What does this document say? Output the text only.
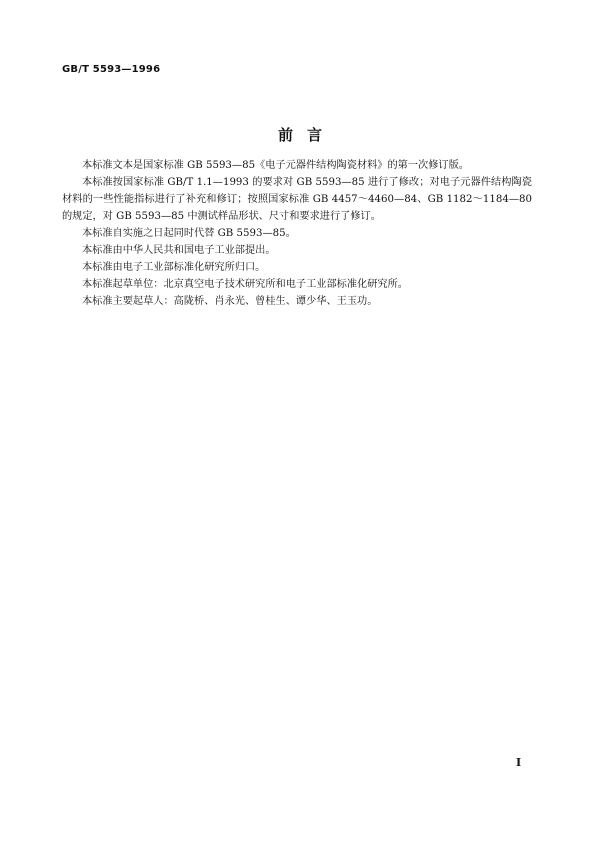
GB/T 5593—1996
前言

本标准文本是国家标准 GB 5593—85《电子元器件结构陶瓷材料》的第一次修订版。

本标准按国家标准 GB/T 1.1—1993 的要求对 GB 5593—85 进行了修改；对电子元器件结构陶瓷材料的一些性能指标进行了补充和修订；按照国家标准 GB 4457～4460—84、GB 1182～1184—80 的规定，对 GB 5593—85 中测试样品形状、尺寸和要求进行了修订。

本标准自实施之日起同时代替 GB 5593—85。

本标准由中华人民共和国电子工业部提出。

本标准由电子工业部标准化研究所归口。

本标准起草单位：北京真空电子技术研究所和电子工业部标准化研究所。

本标准主要起草人：高陇桥、肖永光、曾桂生、谭少华、王玉功。

I
